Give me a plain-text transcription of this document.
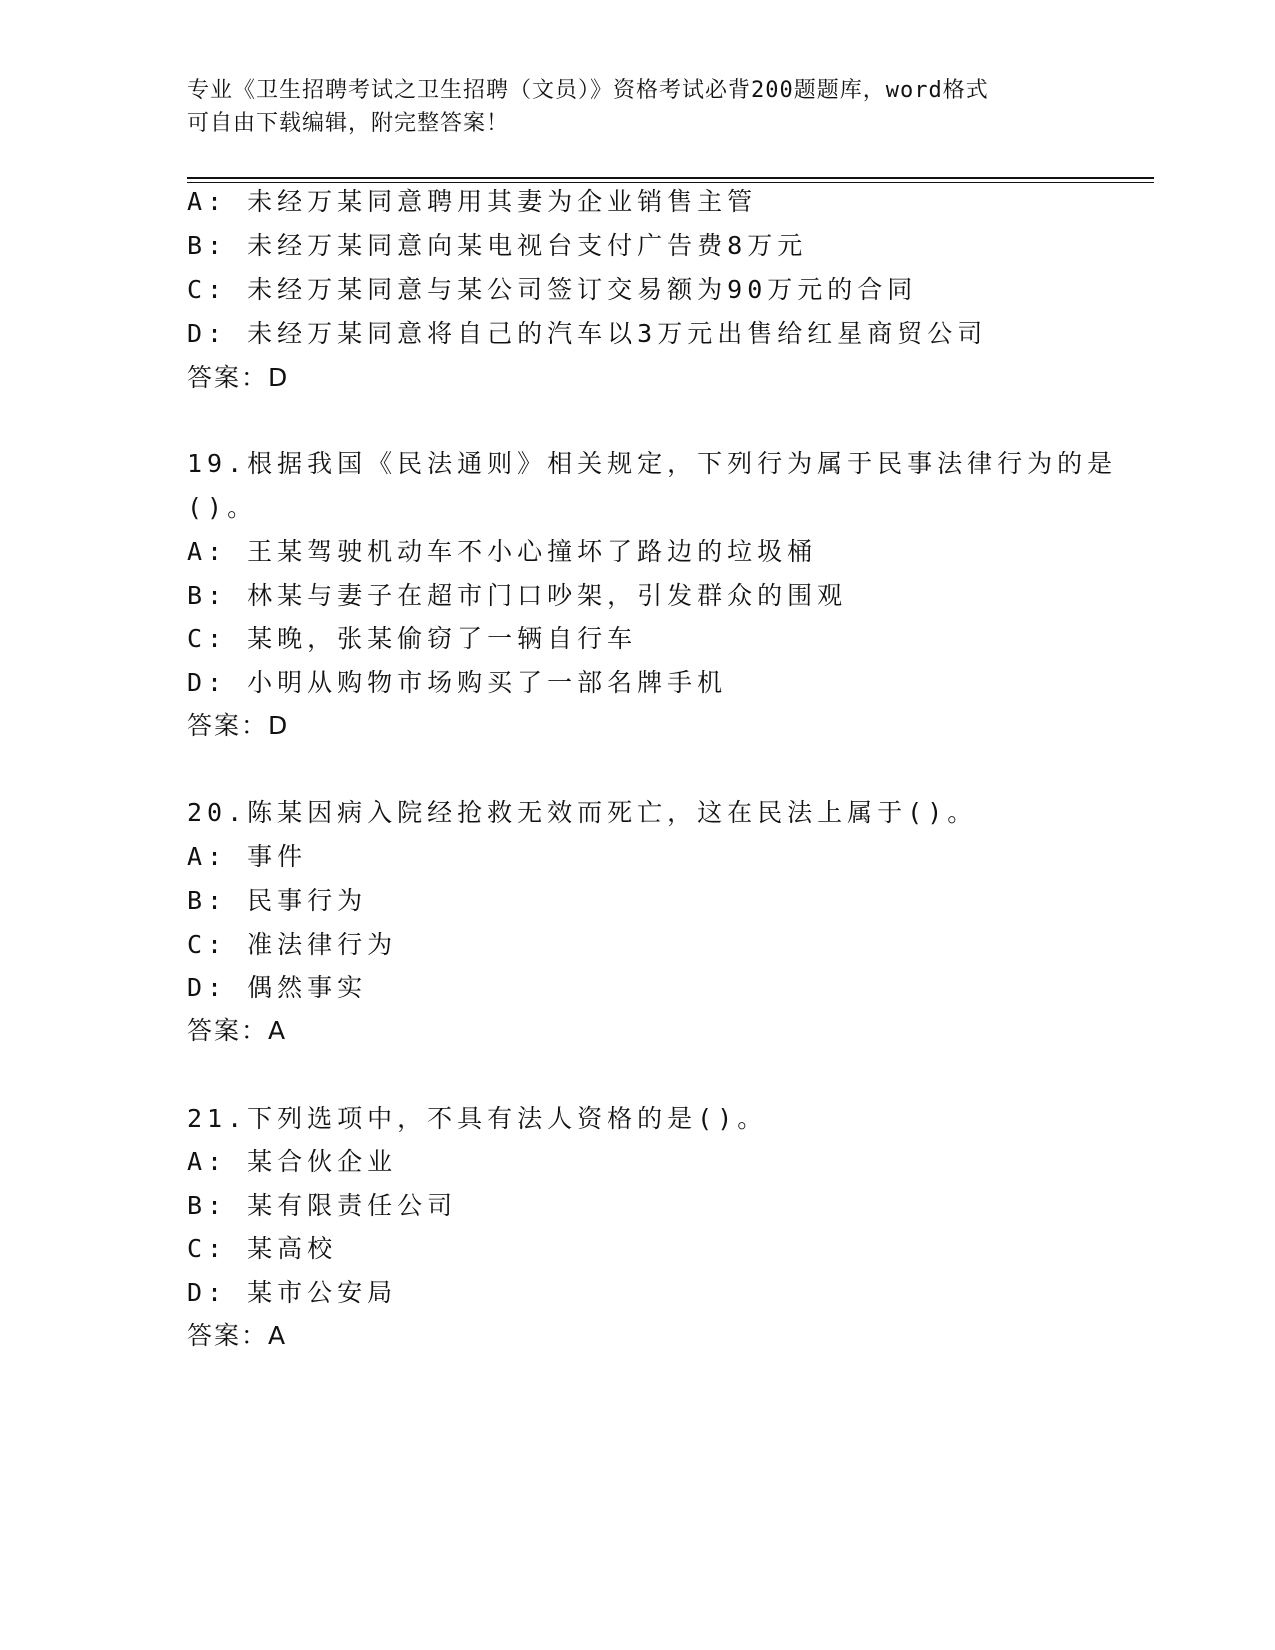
专业《卫生招聘考试之卫生招聘（文员）》资格考试必背200题题库，word格式
可自由下载编辑，附完整答案！
A: 未经万某同意聘用其妻为企业销售主管
B: 未经万某同意向某电视台支付广告费8万元
C: 未经万某同意与某公司签订交易额为90万元的合同
D: 未经万某同意将自己的汽车以3万元出售给红星商贸公司
答案：D
19.根据我国《民法通则》相关规定，下列行为属于民事法律行为的是
()。
A: 王某驾驶机动车不小心撞坏了路边的垃圾桶
B: 林某与妻子在超市门口吵架，引发群众的围观
C: 某晚，张某偷窃了一辆自行车
D: 小明从购物市场购买了一部名牌手机
答案：D
20.陈某因病入院经抢救无效而死亡，这在民法上属于()。
A: 事件
B: 民事行为
C: 准法律行为
D: 偶然事实
答案：A
21.下列选项中，不具有法人资格的是()。
A: 某合伙企业
B: 某有限责任公司
C: 某高校
D: 某市公安局
答案：A
